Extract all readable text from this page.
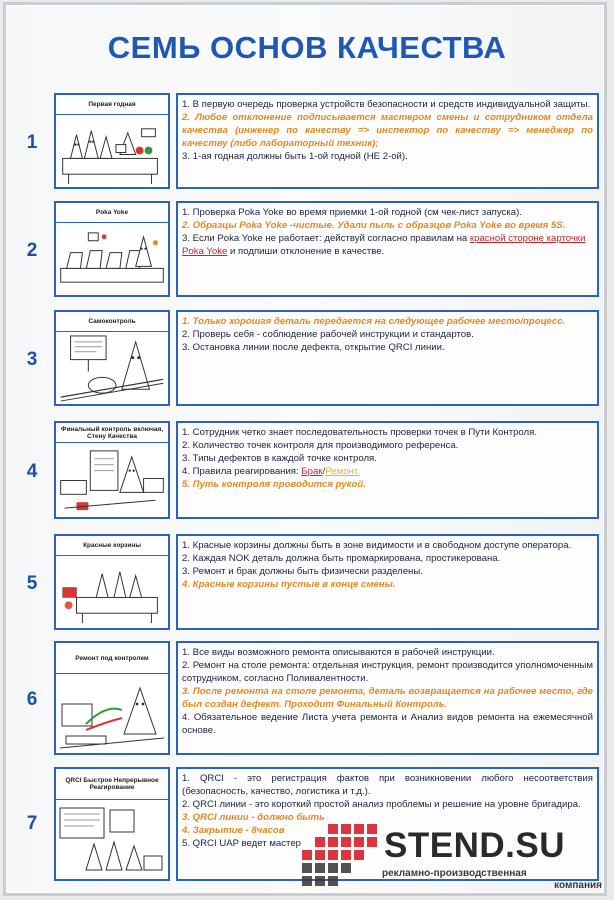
СЕМЬ ОСНОВ КАЧЕСТВА
1
Первая годная	1. В первую очередь проверка устройств безопасности и средств индивидуальной защиты.

2. Любое отклонение подписывается мастером смены и сотрудником отдела качества (инженер по качеству => инспектор по качеству => менеджер по качеству (либо лабораторный техник);

3. 1-ая годная должны быть 1-ой годной (НЕ 2-ой).

2
Poka Yoke	1. Проверка Poka Yoke во время приемки 1-ой годной (см чек-лист запуска).

2. Образцы Poka Yoke -чистые. Удали пыль с образцов Poka Yoke во время 5S.

3. Если Poka Yoke не работает: действуй согласно правилам на красной стороне карточки Poka Yoke и подпиши отклонение в качестве.

3
Самоконтроль	1. Только хорошая деталь передается на следующее рабочее место/процесс.

2. Проверь себя - соблюдение рабочей инструкции и стандартов.

3. Остановка линии после дефекта, открытие QRCI линии.

4
Финальный контроль включая, Стену Качества	1. Сотрудник четко знает последовательность проверки точек в Пути Контроля.

2. Количество точек контроля для производимого референса.

3. Типы дефектов в каждой точке контроля.

4. Правила реагирования: Брак/Ремонт.

5. Путь контроля проводится рукой.

5
Красные корзины	1. Красные корзины должны быть в зоне видимости и в свободном доступе оператора.

2. Каждая NOK деталь должна быть промаркирована, простикерована.

3. Ремонт и брак должны быть физически разделены.

4. Красные корзины пустые в конце смены.

6
Ремонт под контролем	1. Все виды возможного ремонта описываются в рабочей инструкции.

2. Ремонт на столе ремонта: отдельная инструкция, ремонт производится уполномоченным сотрудником, согласно Поливалентности.

3. После ремонта на столе ремонта, деталь возвращается на рабочее место, где был создан дефект. Проходит Финальный Контроль.

4. Обязательное ведение Листа учета ремонта и Анализ видов ремонта на ежемесячной основе.

7
QRCI Быстрое Непрерывное Реагирование

1. QRCI - это регистрация фактов при возникновении любого несоответствия (безопасность, качество, логистика и т.д.).

2. QRCI линии - это короткий простой анализ проблемы и решение на уровне бригадира.

3. QRCI линии - должно быть

4. Закрытие - 8часов

5. QRCI UAP ведет мастер	STEND.SU
рекламно-производственная
компания
